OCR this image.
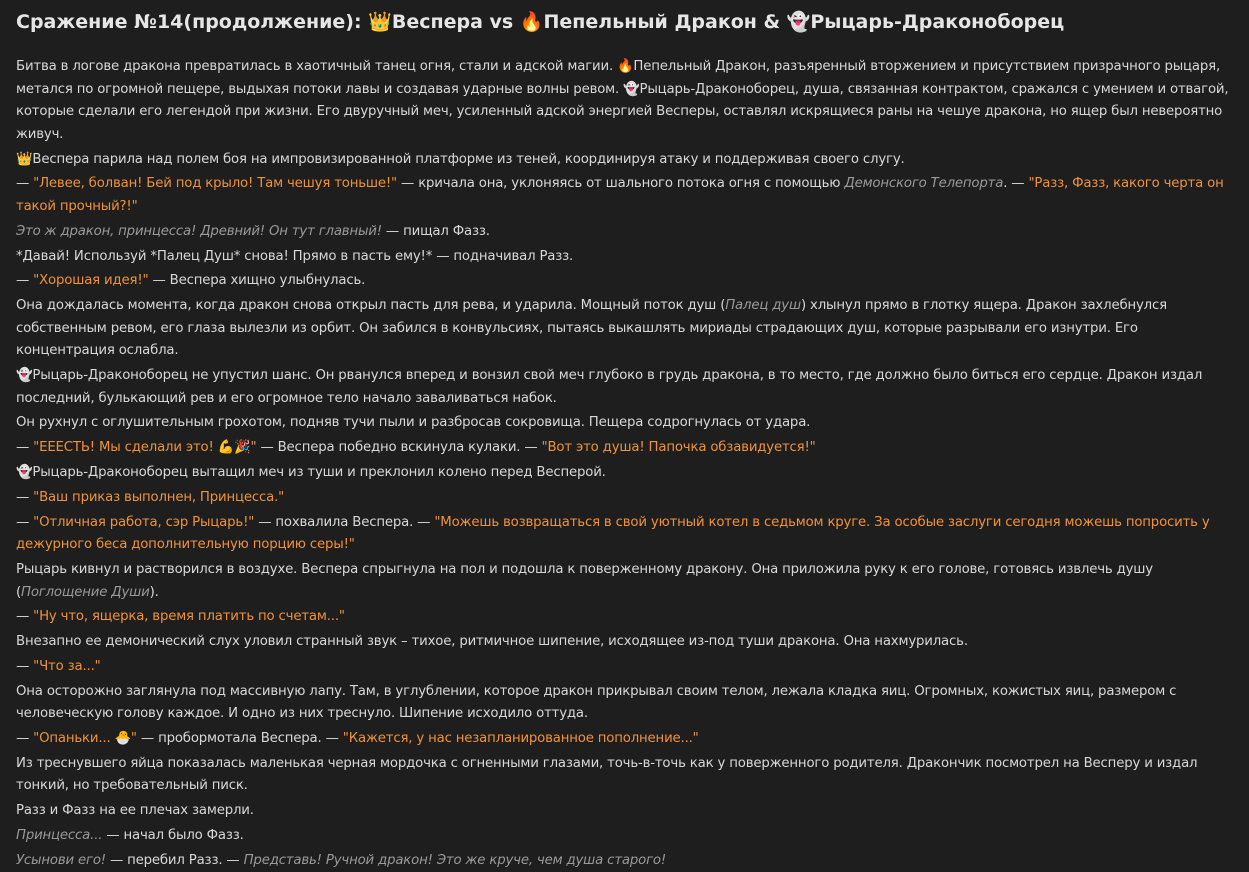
Сражение №14(продолжение): 👑Веспера vs 🔥Пепельный Дракон & 👻Рыцарь-Драконоборец

Битва в логове дракона превратилась в хаотичный танец огня, стали и адской магии. 🔥Пепельный Дракон, разъяренный вторжением и присутствием призрачного рыцаря, метался по огромной пещере, выдыхая потоки лавы и создавая ударные волны ревом. 👻Рыцарь-Драконоборец, душа, связанная контрактом, сражался с умением и отвагой, которые сделали его легендой при жизни. Его двуручный меч, усиленный адской энергией Весперы, оставлял искрящиеся раны на чешуе дракона, но ящер был невероятно живуч.

👑Веспера парила над полем боя на импровизированной платформе из теней, координируя атаку и поддерживая своего слугу.

— "Левее, болван! Бей под крыло! Там чешуя тоньше!" — кричала она, уклоняясь от шального потока огня с помощью Демонского Телепорта. — "Разз, Фазз, какого черта он такой прочный?!"

Это ж дракон, принцесса! Древний! Он тут главный! — пищал Фазз.

*Давай! Используй *Палец Душ* снова! Прямо в пасть ему!* — подначивал Разз.

— "Хорошая идея!" — Веспера хищно улыбнулась.

Она дождалась момента, когда дракон снова открыл пасть для рева, и ударила. Мощный поток душ (Палец душ) хлынул прямо в глотку ящера. Дракон захлебнулся собственным ревом, его глаза вылезли из орбит. Он забился в конвульсиях, пытаясь выкашлять мириады страдающих душ, которые разрывали его изнутри. Его концентрация ослабла.

👻Рыцарь-Драконоборец не упустил шанс. Он рванулся вперед и вонзил свой меч глубоко в грудь дракона, в то место, где должно было биться его сердце. Дракон издал последний, булькающий рев и его огромное тело начало заваливаться набок.

Он рухнул с оглушительным грохотом, подняв тучи пыли и разбросав сокровища. Пещера содрогнулась от удара.

— "ЕЕЕСТЬ! Мы сделали это! 💪🎉" — Веспера победно вскинула кулаки. — "Вот это душа! Папочка обзавидуется!"

👻Рыцарь-Драконоборец вытащил меч из туши и преклонил колено перед Весперой.

— "Ваш приказ выполнен, Принцесса."

— "Отличная работа, сэр Рыцарь!" — похвалила Веспера. — "Можешь возвращаться в свой уютный котел в седьмом круге. За особые заслуги сегодня можешь попросить у дежурного беса дополнительную порцию серы!"

Рыцарь кивнул и растворился в воздухе. Веспера спрыгнула на пол и подошла к поверженному дракону. Она приложила руку к его голове, готовясь извлечь душу (Поглощение Души).

— "Ну что, ящерка, время платить по счетам..."

Внезапно ее демонический слух уловил странный звук – тихое, ритмичное шипение, исходящее из-под туши дракона. Она нахмурилась.

— "Что за..."

Она осторожно заглянула под массивную лапу. Там, в углублении, которое дракон прикрывал своим телом, лежала кладка яиц. Огромных, кожистых яиц, размером с человеческую голову каждое. И одно из них треснуло. Шипение исходило оттуда.

— "Опаньки... 🐣" — пробормотала Веспера. — "Кажется, у нас незапланированное пополнение..."

Из треснувшего яйца показалась маленькая черная мордочка с огненными глазами, точь-в-точь как у поверженного родителя. Дракончик посмотрел на Весперу и издал тонкий, но требовательный писк.

Разз и Фазз на ее плечах замерли.

Принцесса... — начал было Фазз.

Усынови его! — перебил Разз. — Представь! Ручной дракон! Это же круче, чем душа старого!
